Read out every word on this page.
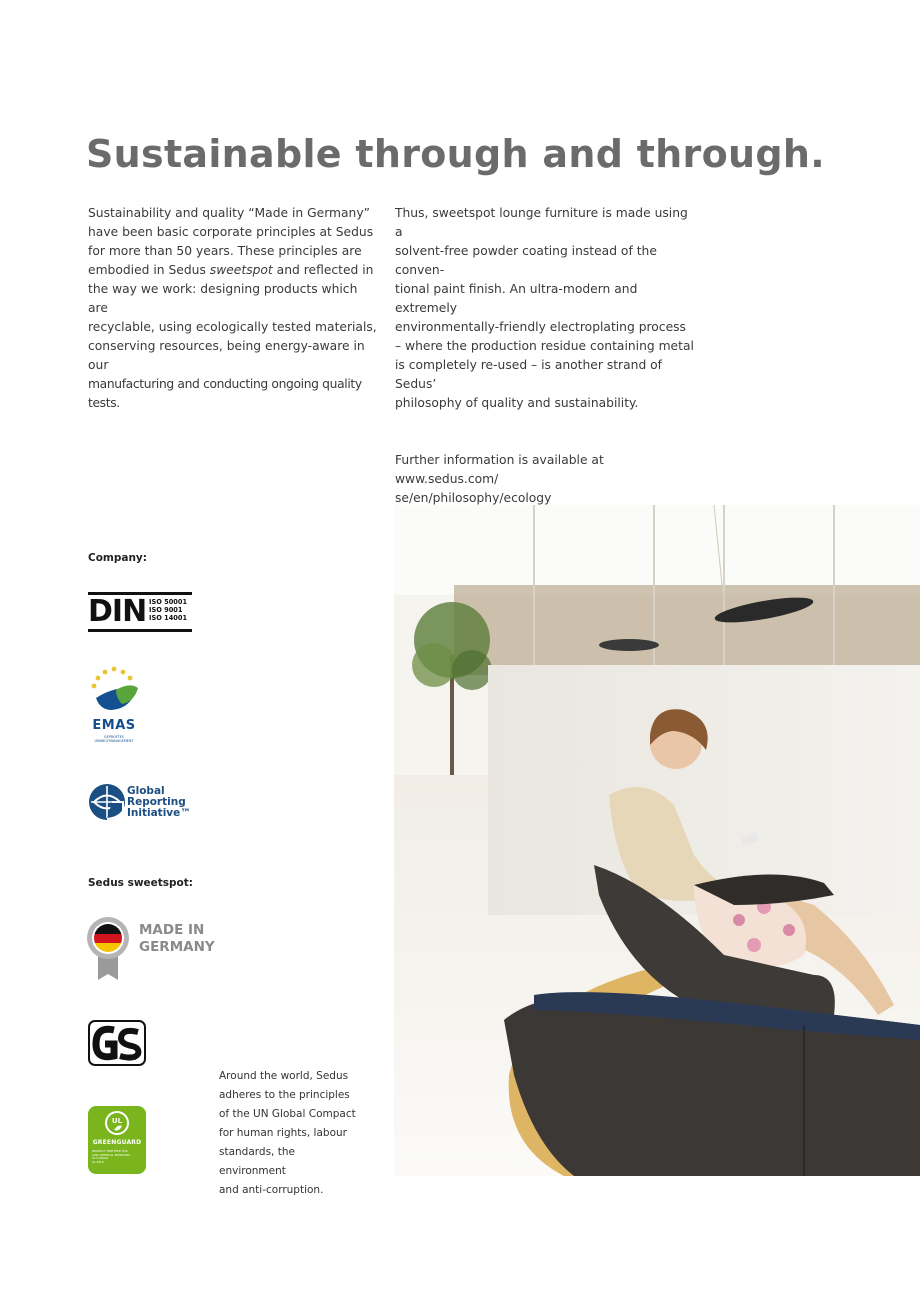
Sustainable through and through.

Sustainability and quality “Made in Germany”

have been basic corporate principles at Sedus

for more than 50 years. These principles are

embodied in Sedus sweetspot and reflected in

the way we work: designing products which are

recyclable, using ecologically tested materials,

conserving resources, being energy-aware in our

manufacturing and conducting ongoing quality tests.

Thus, sweetspot lounge furniture is made using a

solvent-free powder coating instead of the conven-

tional paint finish. An ultra-modern and extremely

environmentally-friendly electroplating process

– where the production residue containing metal

is completely re-used – is another strand of Sedus’

philosophy of quality and sustainability.

Further information is available at www.sedus.com/

se/en/philosophy/ecology

Company:
DIN ISO 50001
ISO 9001
ISO 14001
EMAS
GEPRÜFTES
UMWELTMANAGEMENT
Global
Reporting
Initiative™
Sedus sweetspot:
MADE IN
GERMANY
geprüfte
Sicherheit
UL
GREENGUARD
PRODUCT CERTIFIED FOR
LOW CHEMICAL EMISSIONS
UL.COM/GG
UL 2818

Around the world, Sedus

adheres to the principles

of the UN Global Compact

for human rights, labour

standards, the environment

and anti-corruption.
